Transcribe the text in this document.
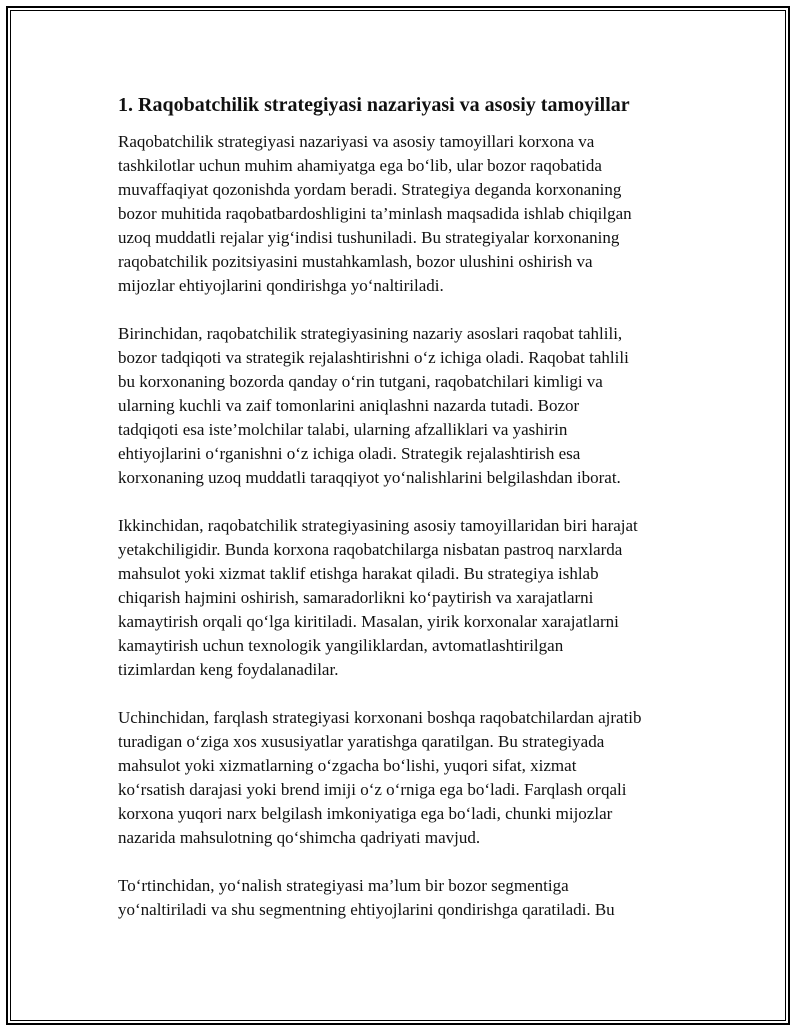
1. Raqobatchilik strategiyasi nazariyasi va asosiy tamoyillar

Raqobatchilik strategiyasi nazariyasi va asosiy tamoyillari korxona va
tashkilotlar uchun muhim ahamiyatga ega bo‘lib, ular bozor raqobatida
muvaffaqiyat qozonishda yordam beradi. Strategiya deganda korxonaning
bozor muhitida raqobatbardoshligini ta’minlash maqsadida ishlab chiqilgan
uzoq muddatli rejalar yig‘indisi tushuniladi. Bu strategiyalar korxonaning
raqobatchilik pozitsiyasini mustahkamlash, bozor ulushini oshirish va
mijozlar ehtiyojlarini qondirishga yo‘naltiriladi.

Birinchidan, raqobatchilik strategiyasining nazariy asoslari raqobat tahlili,
bozor tadqiqoti va strategik rejalashtirishni o‘z ichiga oladi. Raqobat tahlili
bu korxonaning bozorda qanday o‘rin tutgani, raqobatchilari kimligi va
ularning kuchli va zaif tomonlarini aniqlashni nazarda tutadi. Bozor
tadqiqoti esa iste’molchilar talabi, ularning afzalliklari va yashirin
ehtiyojlarini o‘rganishni o‘z ichiga oladi. Strategik rejalashtirish esa
korxonaning uzoq muddatli taraqqiyot yo‘nalishlarini belgilashdan iborat.

Ikkinchidan, raqobatchilik strategiyasining asosiy tamoyillaridan biri harajat
yetakchiligidir. Bunda korxona raqobatchilarga nisbatan pastroq narxlarda
mahsulot yoki xizmat taklif etishga harakat qiladi. Bu strategiya ishlab
chiqarish hajmini oshirish, samaradorlikni ko‘paytirish va xarajatlarni
kamaytirish orqali qo‘lga kiritiladi. Masalan, yirik korxonalar xarajatlarni
kamaytirish uchun texnologik yangiliklardan, avtomatlashtirilgan
tizimlardan keng foydalanadilar.

Uchinchidan, farqlash strategiyasi korxonani boshqa raqobatchilardan ajratib
turadigan o‘ziga xos xususiyatlar yaratishga qaratilgan. Bu strategiyada
mahsulot yoki xizmatlarning o‘zgacha bo‘lishi, yuqori sifat, xizmat
ko‘rsatish darajasi yoki brend imiji o‘z o‘rniga ega bo‘ladi. Farqlash orqali
korxona yuqori narx belgilash imkoniyatiga ega bo‘ladi, chunki mijozlar
nazarida mahsulotning qo‘shimcha qadriyati mavjud.

To‘rtinchidan, yo‘nalish strategiyasi ma’lum bir bozor segmentiga
yo‘naltiriladi va shu segmentning ehtiyojlarini qondirishga qaratiladi. Bu
